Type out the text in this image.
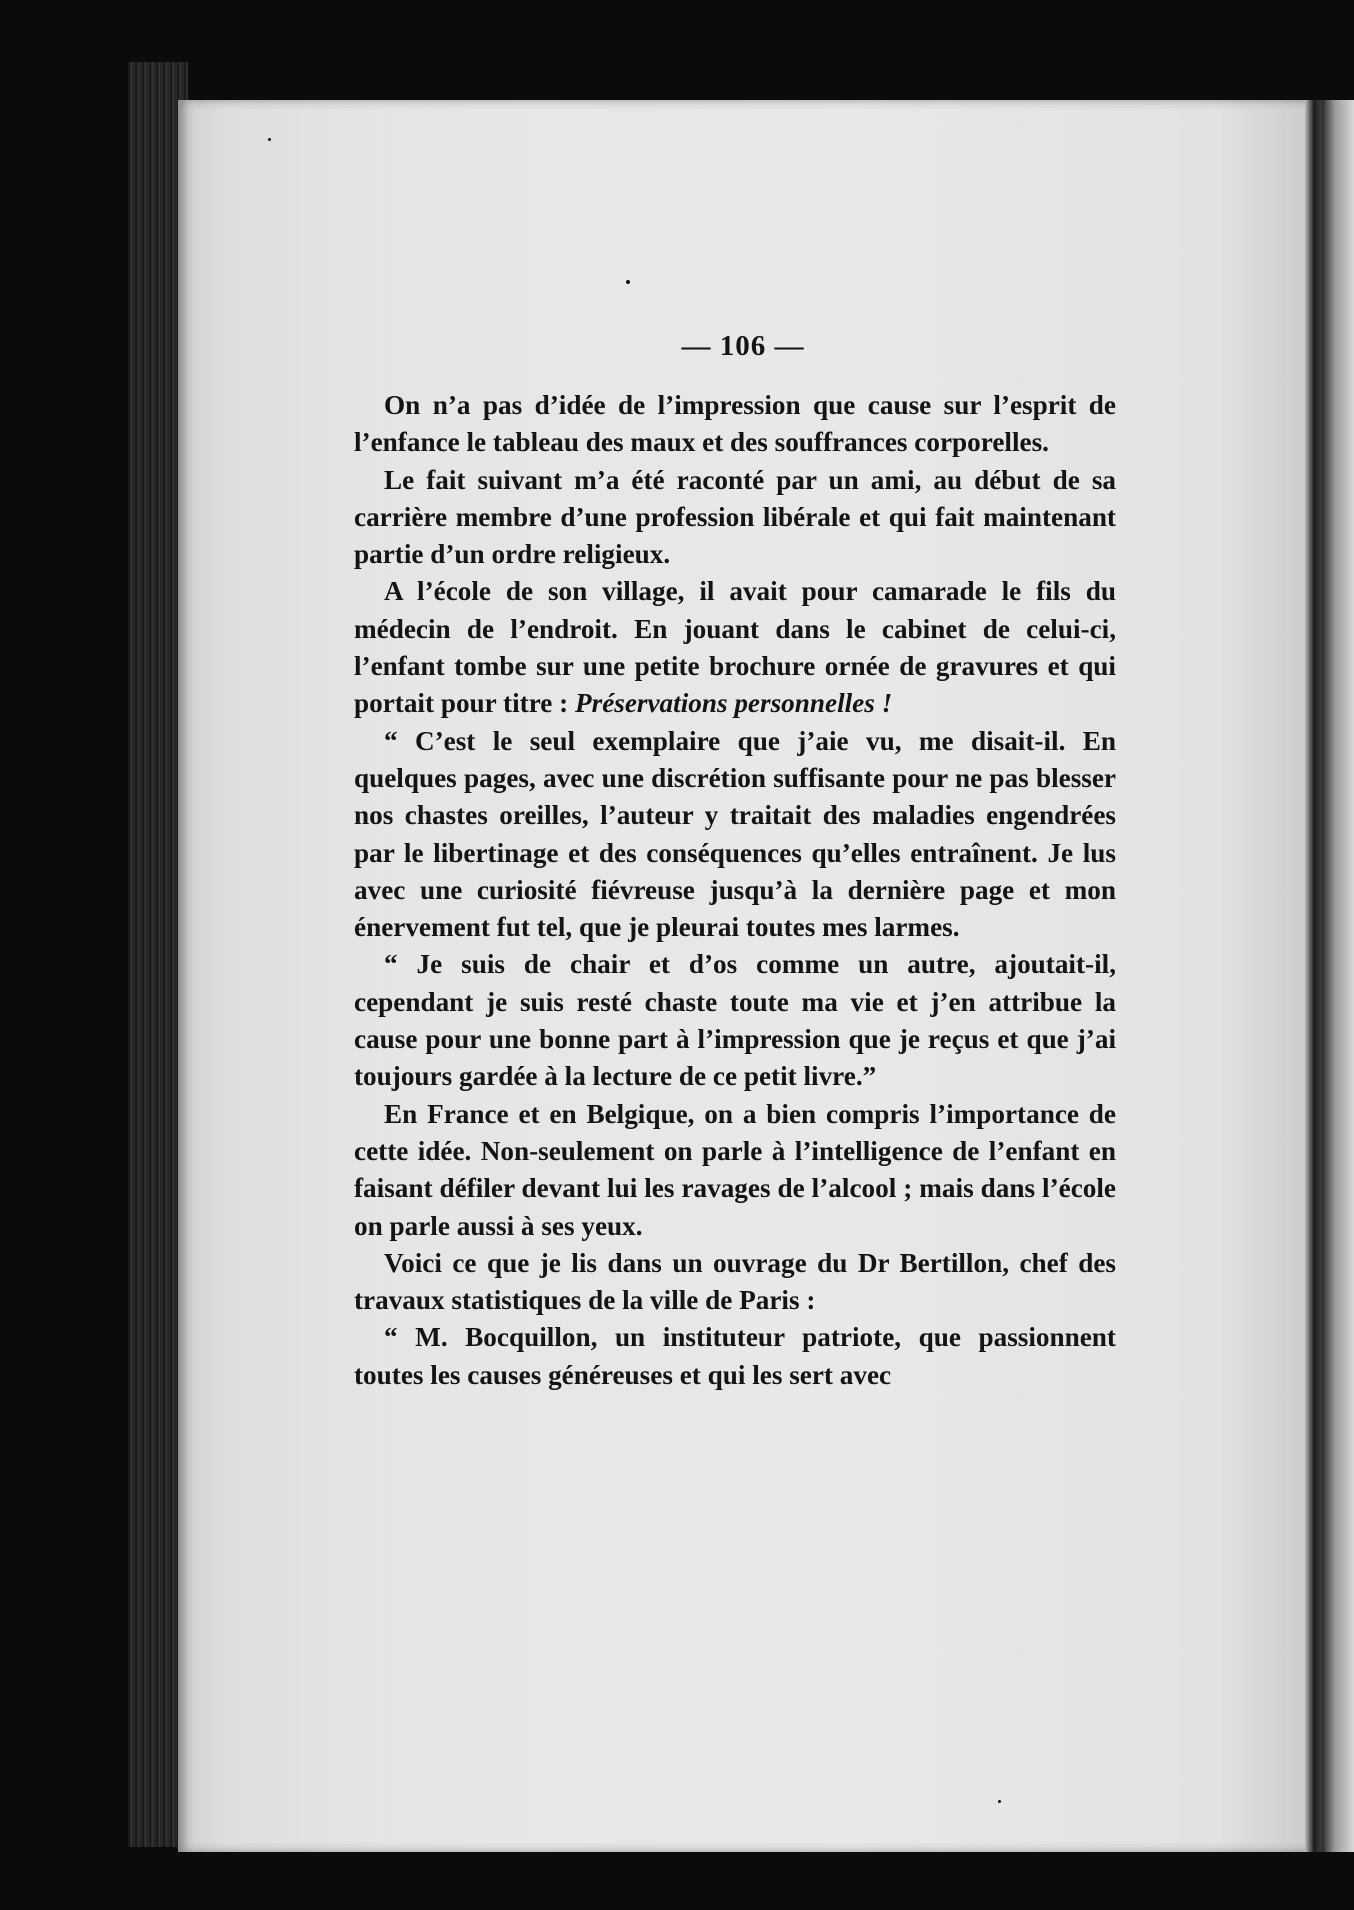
— 106 —

On n’a pas d’idée de l’impression que cause sur l’esprit de l’enfance le tableau des maux et des souffrances corporelles.

Le fait suivant m’a été raconté par un ami, au début de sa carrière membre d’une profession libérale et qui fait maintenant partie d’un ordre religieux.

A l’école de son village, il avait pour camarade le fils du médecin de l’endroit. En jouant dans le cabinet de celui-ci, l’enfant tombe sur une petite brochure ornée de gravures et qui portait pour titre : Préservations personnelles !

“ C’est le seul exemplaire que j’aie vu, me disait-il. En quelques pages, avec une discrétion suffisante pour ne pas blesser nos chastes oreilles, l’auteur y traitait des maladies engendrées par le libertinage et des conséquences qu’elles entraînent. Je lus avec une curiosité fiévreuse jusqu’à la dernière page et mon énervement fut tel, que je pleurai toutes mes larmes.

“ Je suis de chair et d’os comme un autre, ajoutait-il, cependant je suis resté chaste toute ma vie et j’en attribue la cause pour une bonne part à l’impression que je reçus et que j’ai toujours gardée à la lecture de ce petit livre.”

En France et en Belgique, on a bien compris l’importance de cette idée. Non-seulement on parle à l’intelligence de l’enfant en faisant défiler devant lui les ravages de l’alcool ; mais dans l’école on parle aussi à ses yeux.

Voici ce que je lis dans un ouvrage du Dr Bertillon, chef des travaux statistiques de la ville de Paris :

“ M. Bocquillon, un instituteur patriote, que passionnent toutes les causes généreuses et qui les sert avec
